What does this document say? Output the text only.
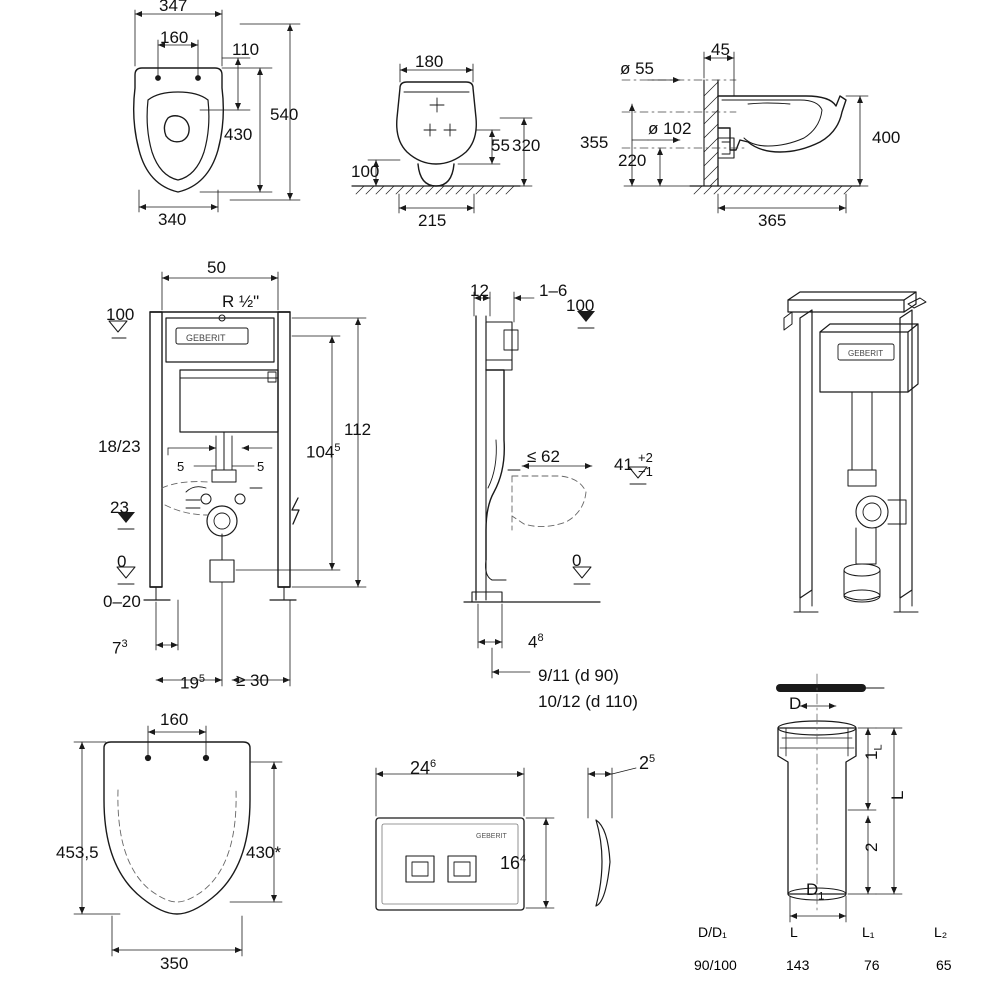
GEBERIT
GEBERIT
GEBERIT
347
160
110
430
540
340
180
100
55 320
215
45
ø 55
ø 102
355
220
400
365
50
R ½"
100
18/23
5	5
23
0
0–20
112
$104^5$
$7^3$
$19^5 \ge 30$
12	1–6
100
≤ 62	41 +2
−1
0
$4^8$
9/11 (d 90)
10/12 (d 110)
160
453,5	430*
350
$24^6$
$16^4$
$2^5$
D
$D_1$
$1_L$
2
L
D/D₁	L	L₁	L₂
90/100	143	76	65
